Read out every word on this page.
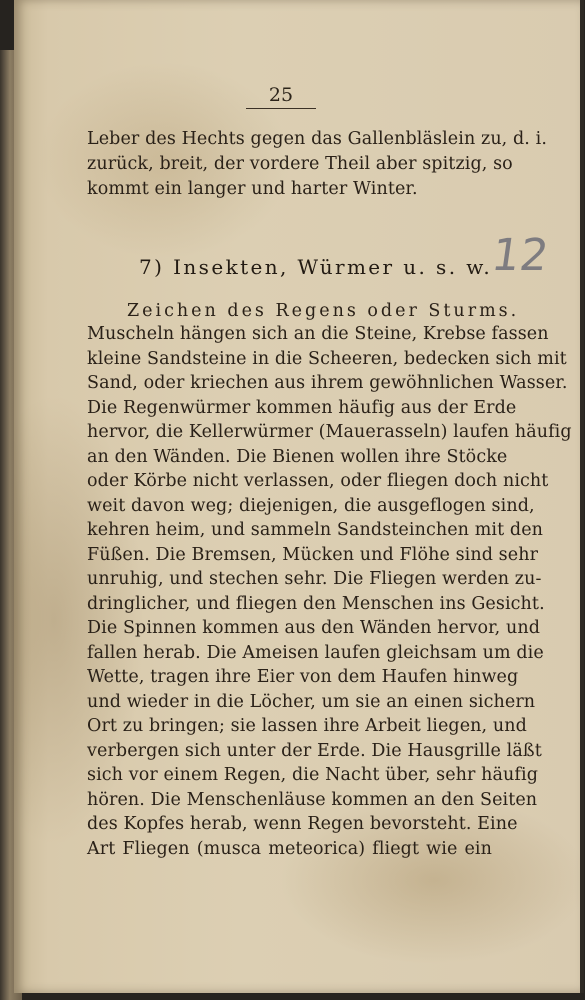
25
Leber des Hechts gegen das Gallenbläslein zu, d. i.
zurück, breit, der vordere Theil aber spitzig, so
kommt ein langer und harter Winter.
7) Insekten, Würmer u. s. w.
12
Zeichen des Regens oder Sturms.
Muscheln hängen sich an die Steine, Krebse fassen
kleine Sandsteine in die Scheeren, bedecken sich mit
Sand, oder kriechen aus ihrem gewöhnlichen Wasser.
Die Regenwürmer kommen häufig aus der Erde
hervor, die Kellerwürmer (Mauerasseln) laufen häufig
an den Wänden. Die Bienen wollen ihre Stöcke
oder Körbe nicht verlassen, oder fliegen doch nicht
weit davon weg; diejenigen, die ausgeflogen sind,
kehren heim, und sammeln Sandsteinchen mit den
Füßen. Die Bremsen, Mücken und Flöhe sind sehr
unruhig, und stechen sehr. Die Fliegen werden zu-
dringlicher, und fliegen den Menschen ins Gesicht.
Die Spinnen kommen aus den Wänden hervor, und
fallen herab. Die Ameisen laufen gleichsam um die
Wette, tragen ihre Eier von dem Haufen hinweg
und wieder in die Löcher, um sie an einen sichern
Ort zu bringen; sie lassen ihre Arbeit liegen, und
verbergen sich unter der Erde. Die Hausgrille läßt
sich vor einem Regen, die Nacht über, sehr häufig
hören. Die Menschenläuse kommen an den Seiten
des Kopfes herab, wenn Regen bevorsteht. Eine
Art Fliegen (musca meteorica) fliegt wie ein
